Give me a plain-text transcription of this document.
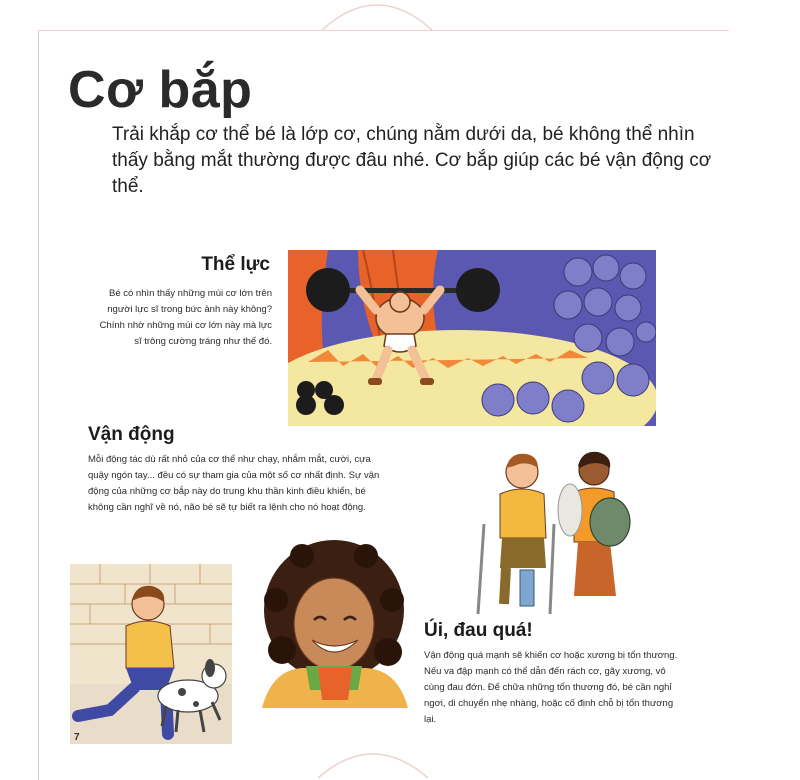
Cơ bắp
Trải khắp cơ thể bé là lớp cơ, chúng nằm dưới da, bé không thể nhìn thấy bằng mắt thường được đâu nhé. Cơ bắp giúp các bé vận động cơ thể.
Thể lực
Bé có nhìn thấy những múi cơ lớn trên người lực sĩ trong bức ảnh này không? Chính nhờ những múi cơ lớn này mà lực sĩ trông cường tráng như thế đó.
Vận động
Mỗi động tác dù rất nhỏ của cơ thể như chạy, nhắm mắt, cười, cựa quậy ngón tay... đều có sự tham gia của một số cơ nhất định. Sự vận động của những cơ bắp này do trung khu thần kinh điều khiển, bé không cần nghĩ về nó, não bé sẽ tự biết ra lệnh cho nó hoạt động.
7
Úi, đau quá!
Vận động quá mạnh sẽ khiến cơ hoặc xương bị tổn thương. Nếu va đập mạnh có thể dẫn đến rách cơ, gãy xương, vô cùng đau đớn. Để chữa những tổn thương đó, bé cần nghỉ ngơi, di chuyển nhẹ nhàng, hoặc cố định chỗ bị tổn thương lại.
